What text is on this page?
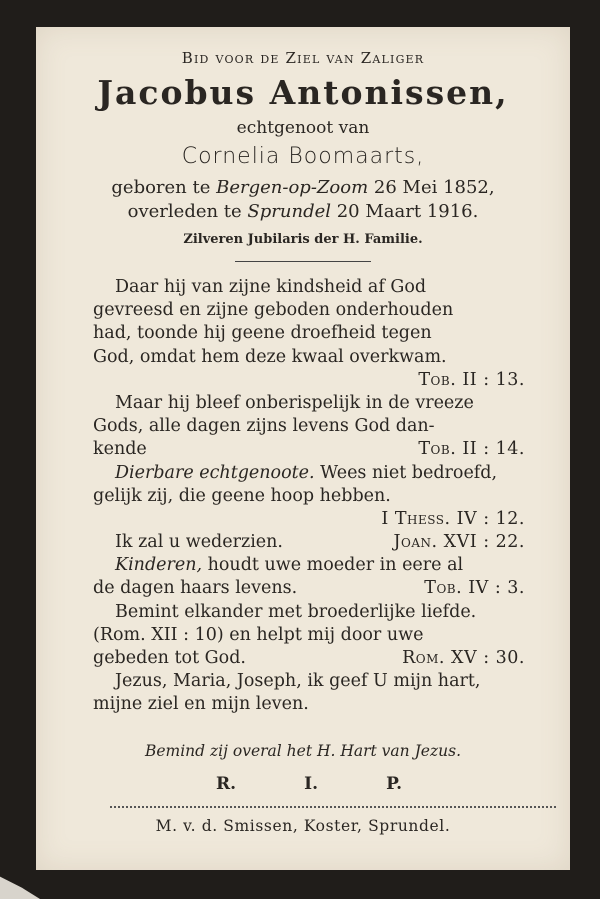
Bid voor de Ziel van Zaliger
Jacobus Antonissen,
echtgenoot van
Cornelia Boomaarts,
geboren te Bergen-op-Zoom 26 Mei 1852,
overleden te Sprundel 20 Maart 1916.
Zilveren Jubilaris der H. Familie.
Daar hij van zijne kindsheid af God
gevreesd en zijne geboden onderhouden
had, toonde hij geene droefheid tegen
God, omdat hem deze kwaal overkwam.
Tob. II : 13.
Maar hij bleef onberispelijk in de vreeze
Gods, alle dagen zijns levens God dan-
kende	Tob. II : 14.
Dierbare echtgenoote. Wees niet bedroefd,
gelijk zij, die geene hoop hebben.
I Thess. IV : 12.
Ik zal u wederzien.	Joan. XVI : 22.
Kinderen, houdt uwe moeder in eere al
de dagen haars levens.	Tob. IV : 3.
Bemint elkander met broederlijke liefde.
(Rom. XII : 10) en helpt mij door uwe
gebeden tot God.	Rom. XV : 30.
Jezus, Maria, Joseph, ik geef U mijn hart,
mijne ziel en mijn leven.
Bemind zij overal het H. Hart van Jezus.
R.	I.	P.
M. v. d. Smissen, Koster, Sprundel.
